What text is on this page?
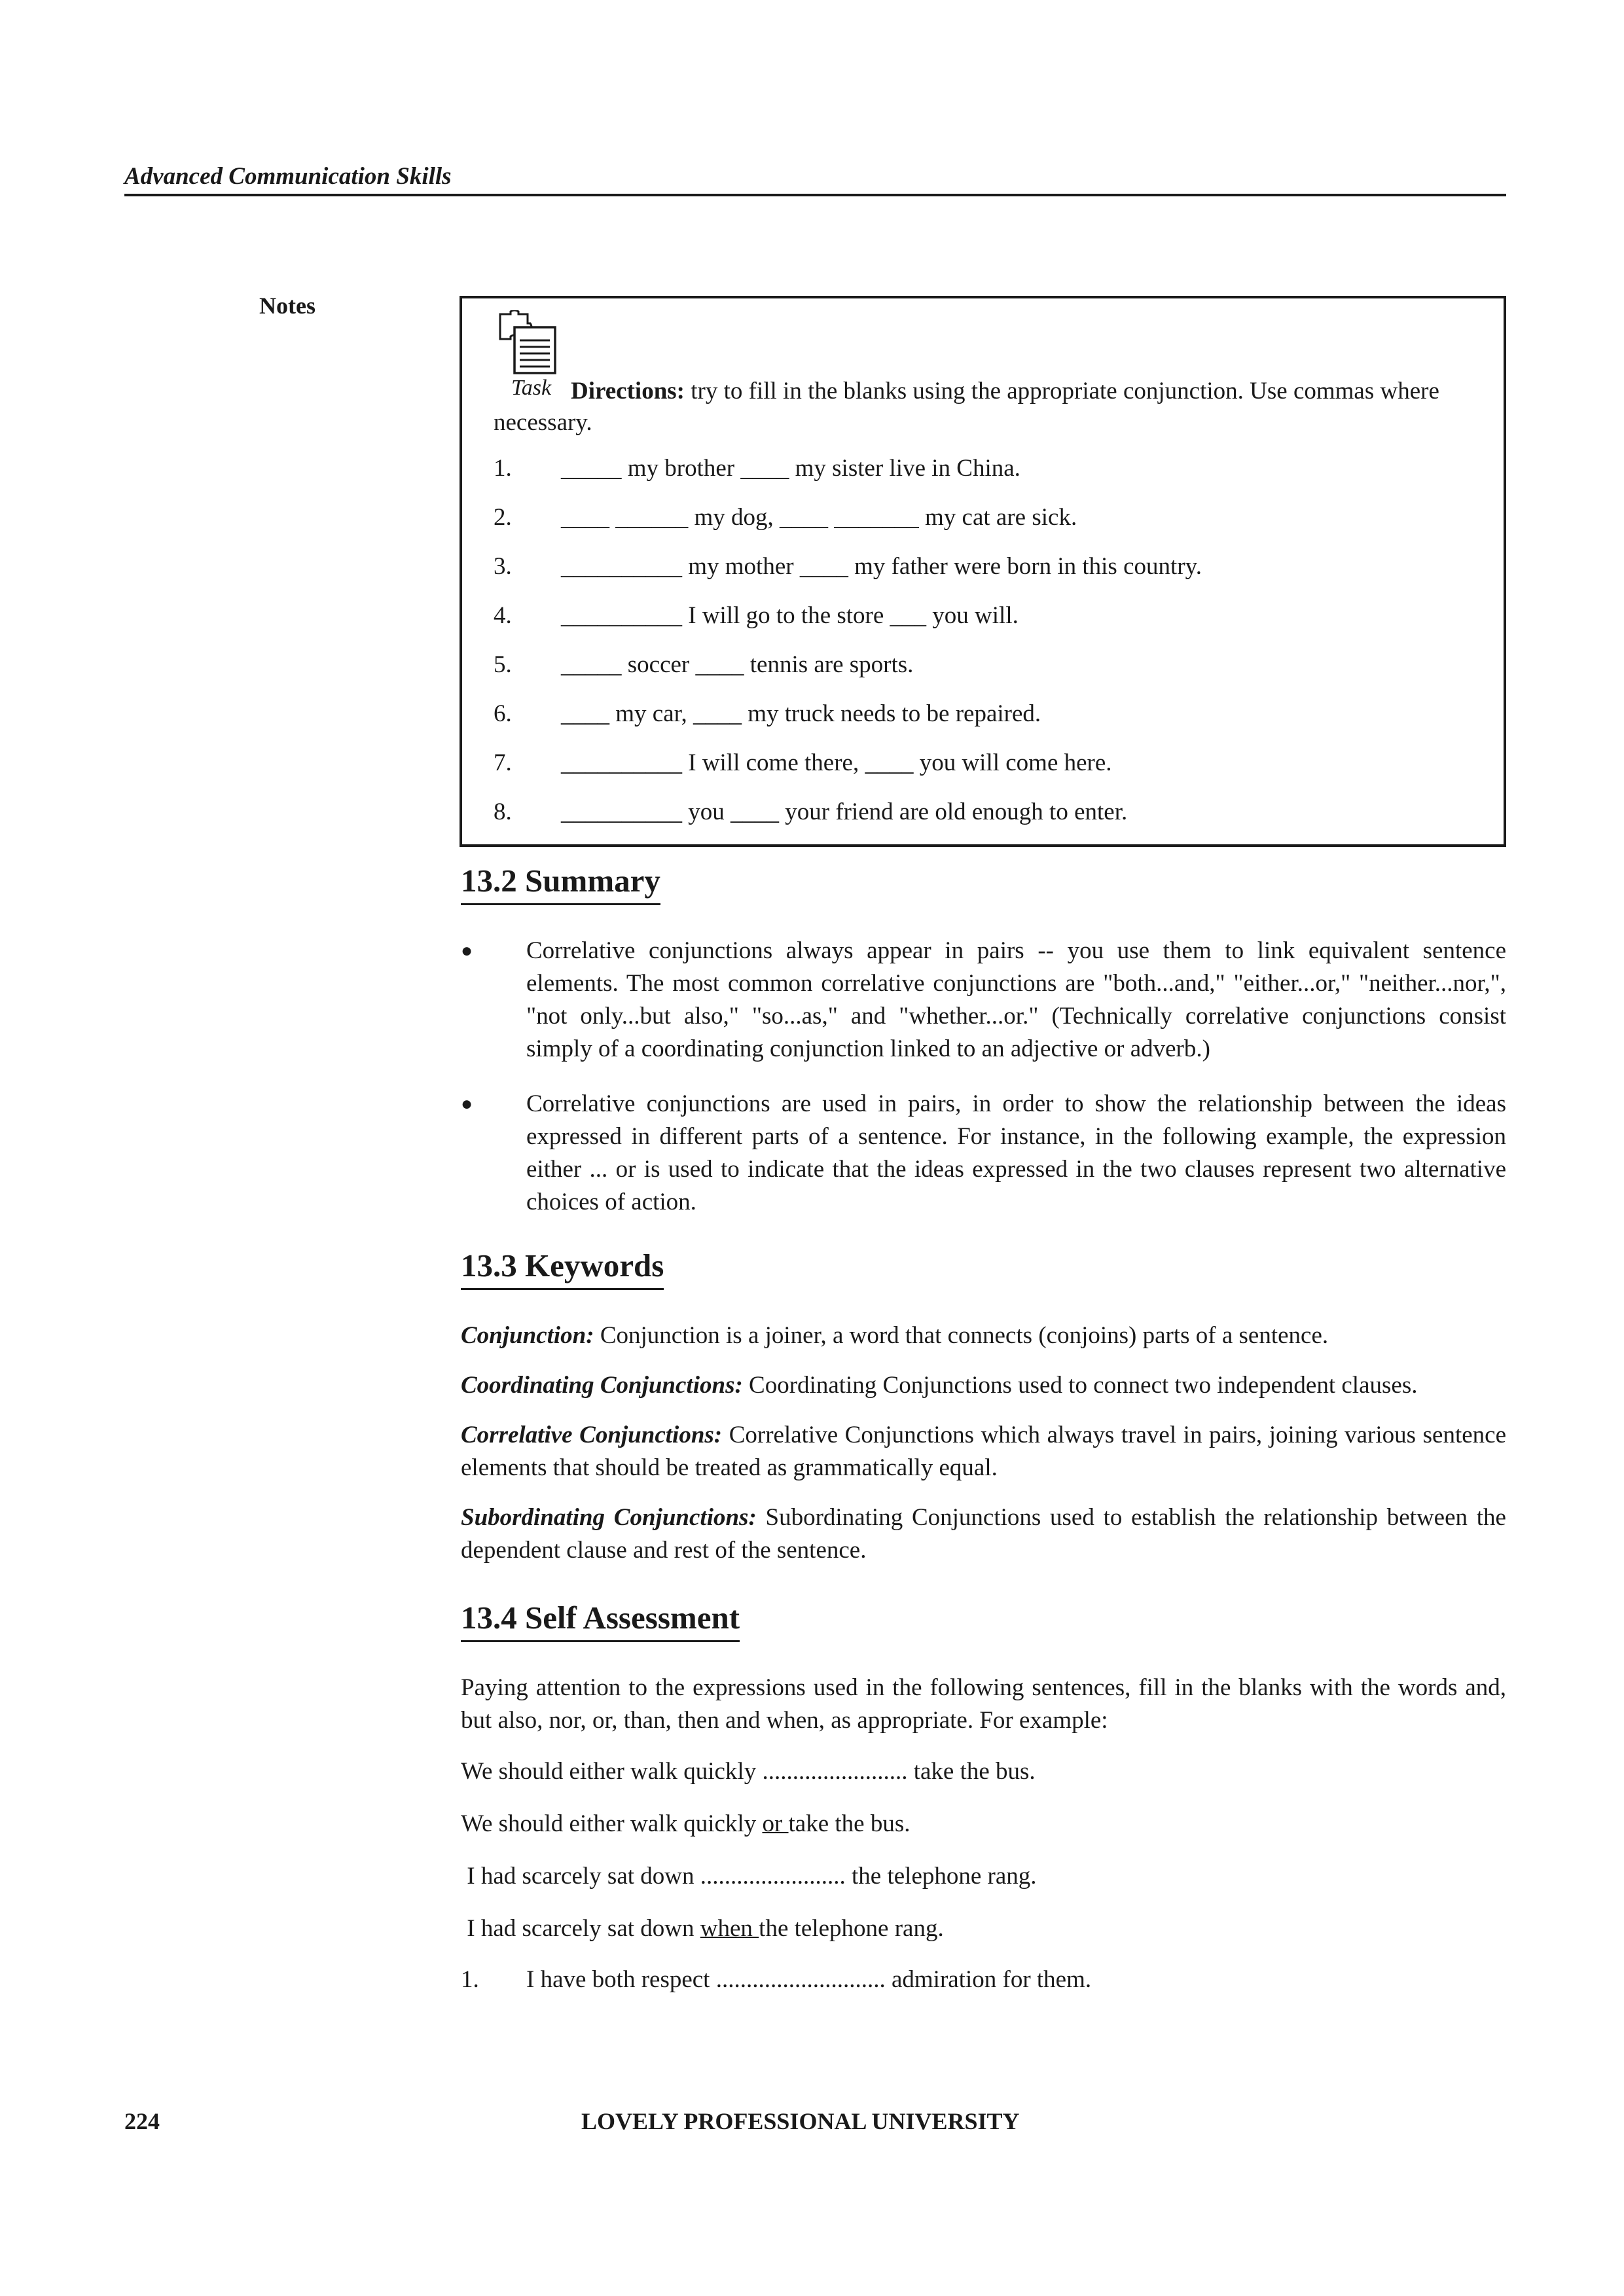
Advanced Communication Skills
Notes
Task Directions: try to fill in the blanks using the appropriate conjunction. Use commas where necessary.
1. _____ my brother ____ my sister live in China.
2. ____ ______ my dog, ____ _______ my cat are sick.
3. __________ my mother ____ my father were born in this country.
4. __________ I will go to the store ___ you will.
5. _____ soccer ____ tennis are sports.
6. ____ my car, ____ my truck needs to be repaired.
7. __________ I will come there, ____ you will come here.
8. __________ you ____ your friend are old enough to enter.
13.2 Summary
● Correlative conjunctions always appear in pairs -- you use them to link equivalent sentence elements. The most common correlative conjunctions are "both...and," "either...or," "neither...nor,", "not only...but also," "so...as," and "whether...or." (Technically correlative conjunctions consist simply of a coordinating conjunction linked to an adjective or adverb.)
● Correlative conjunctions are used in pairs, in order to show the relationship between the ideas expressed in different parts of a sentence. For instance, in the following example, the expression either ... or is used to indicate that the ideas expressed in the two clauses represent two alternative choices of action.
13.3 Keywords
Conjunction: Conjunction is a joiner, a word that connects (conjoins) parts of a sentence.
Coordinating Conjunctions: Coordinating Conjunctions used to connect two independent clauses.
Correlative Conjunctions: Correlative Conjunctions which always travel in pairs, joining various sentence elements that should be treated as grammatically equal.
Subordinating Conjunctions: Subordinating Conjunctions used to establish the relationship between the dependent clause and rest of the sentence.
13.4 Self Assessment
Paying attention to the expressions used in the following sentences, fill in the blanks with the words and, but also, nor, or, than, then and when, as appropriate. For example:
We should either walk quickly ........................ take the bus.
We should either walk quickly or take the bus.
I had scarcely sat down ........................ the telephone rang.
I had scarcely sat down when the telephone rang.
1. I have both respect ............................ admiration for them.
224	LOVELY PROFESSIONAL UNIVERSITY
